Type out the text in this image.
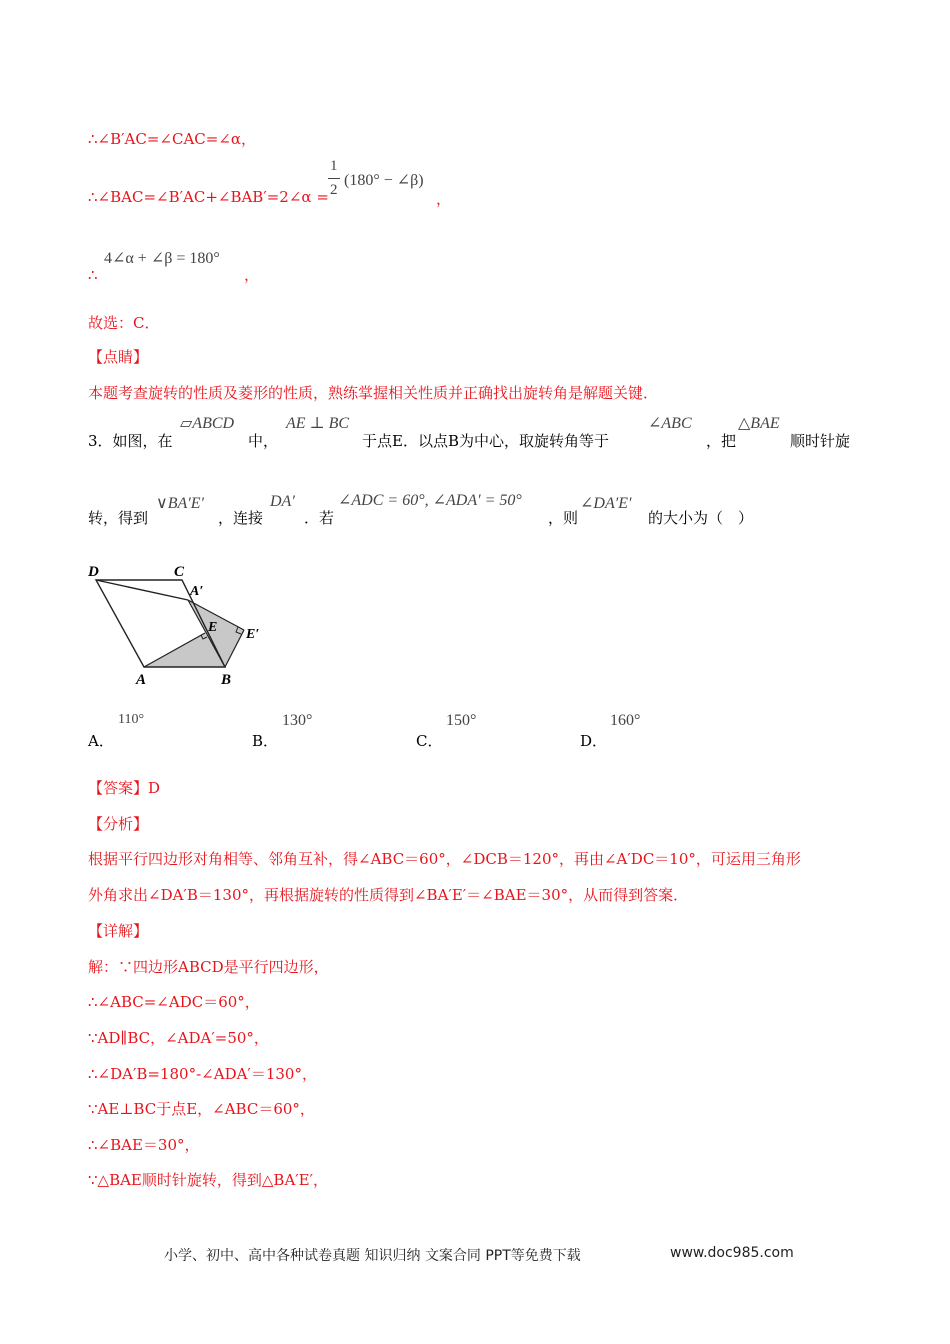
∴∠B′AC=∠CAC=∠α，
∴∠BAC=∠B′AC+∠BAB′=2∠α =
1
2
(180° − ∠β)
，
∴
4∠α + ∠β = 180°
，
故选：C．
【点睛】
本题考查旋转的性质及菱形的性质，熟练掌握相关性质并正确找出旋转角是解题关键．
3．如图，在
▱ABCD
中，
AE ⊥ BC
于点E．以点B为中心，取旋转角等于
∠ABC
，把
△BAE
顺时针旋
转，得到
∨BA′E′
，连接
DA′
．若
∠ADC = 60°, ∠ADA′ = 50°
，则
∠DA′E′
的大小为（　）
D	C
A′
E E′
A	B
A．
110°
B．
130°
C．
150°
D．
160°
【答案】D
【分析】
根据平行四边形对角相等、邻角互补，得∠ABC＝60°，∠DCB＝120°，再由∠A′DC＝10°，可运用三角形
外角求出∠DA′B＝130°，再根据旋转的性质得到∠BA′E′＝∠BAE＝30°，从而得到答案．
【详解】
解：∵四边形ABCD是平行四边形，
∴∠ABC=∠ADC＝60°，
∵AD∥BC，∠ADA′=50°，
∴∠DA′B=180°-∠ADA′＝130°，
∵AE⊥BC于点E，∠ABC＝60°，
∴∠BAE＝30°，
∵△BAE顺时针旋转，得到△BA′E′，
小学、初中、高中各种试卷真题 知识归纳 文案合同 PPT等免费下载	www.doc985.com
